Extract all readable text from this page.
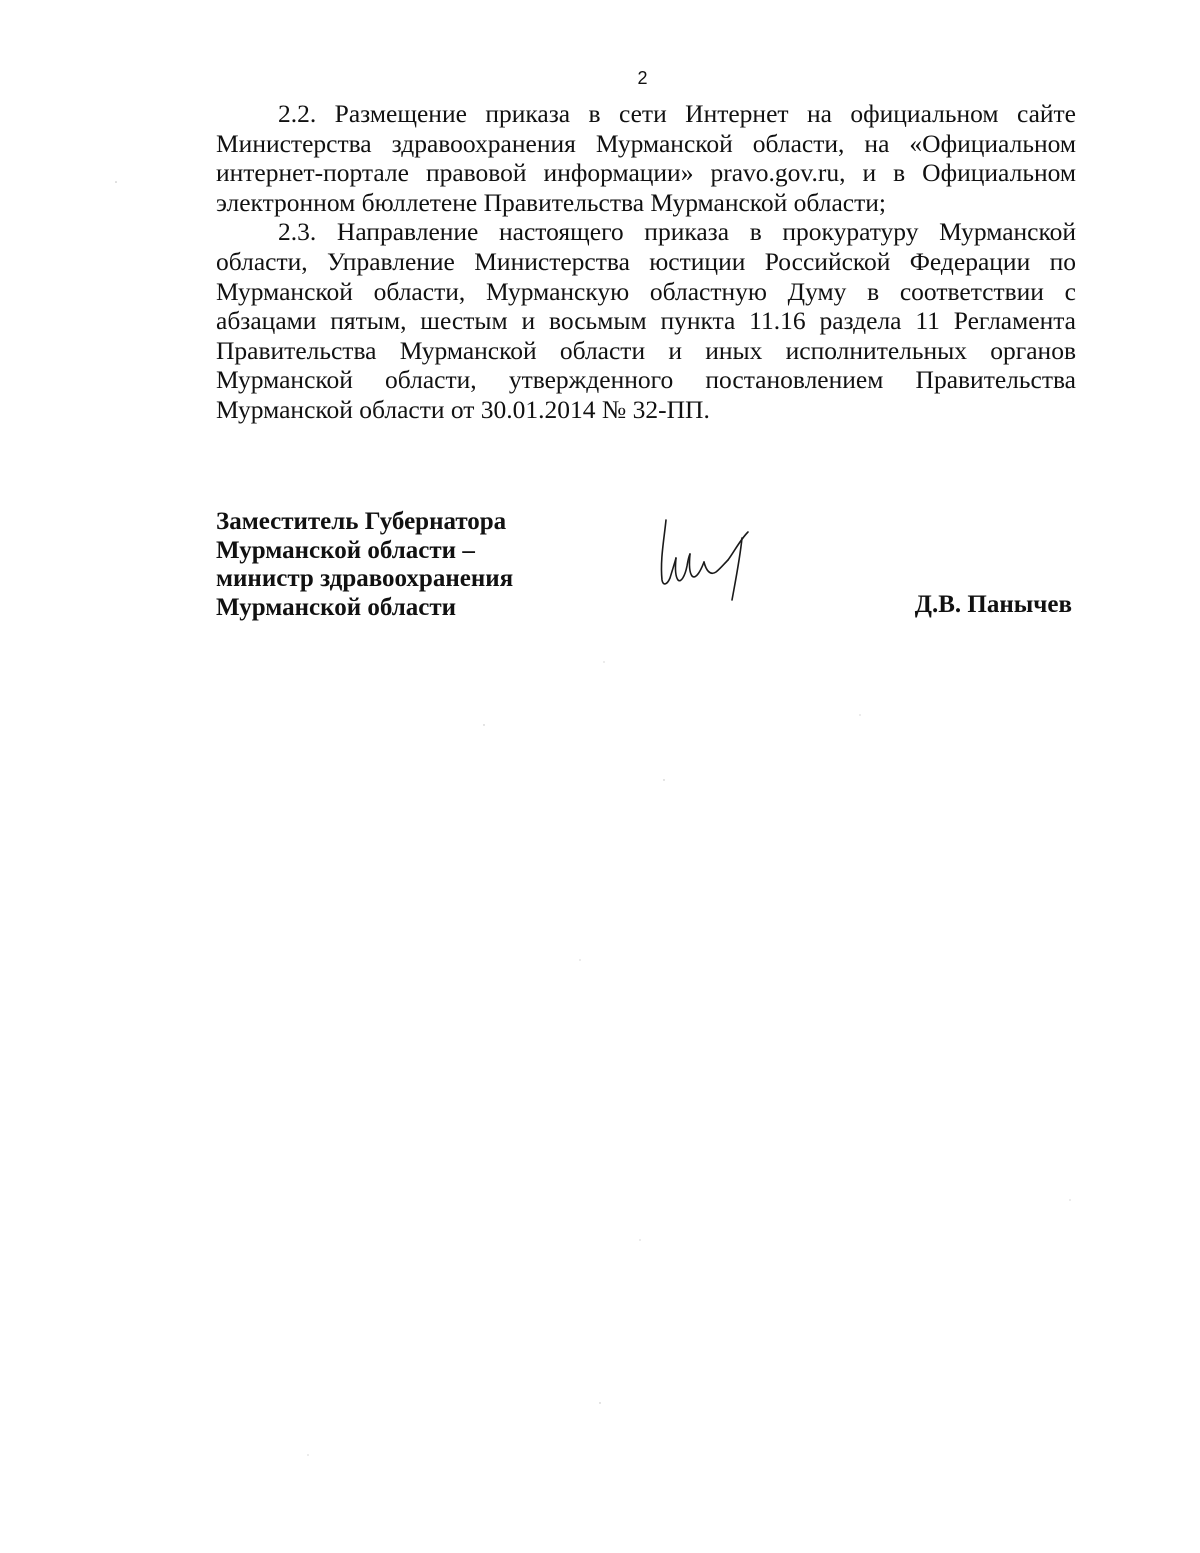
2

2.2. Размещение приказа в сети Интернет на официальном сайте Министерства здравоохранения Мурманской области, на «Официальном интернет-портале правовой информации» pravo.gov.ru, и в Официальном электронном бюллетене Правительства Мурманской области;

2.3. Направление настоящего приказа в прокуратуру Мурманской области, Управление Министерства юстиции Российской Федерации по Мурманской области, Мурманскую областную Думу в соответствии с абзацами пятым, шестым и восьмым пункта 11.16 раздела 11 Регламента Правительства Мурманской области и иных исполнительных органов Мурманской области, утвержденного постановлением Правительства Мурманской области от 30.01.2014 № 32-ПП.

Заместитель Губернатора
Мурманской области –
министр здравоохранения
Мурманской области	Д.В. Панычев
